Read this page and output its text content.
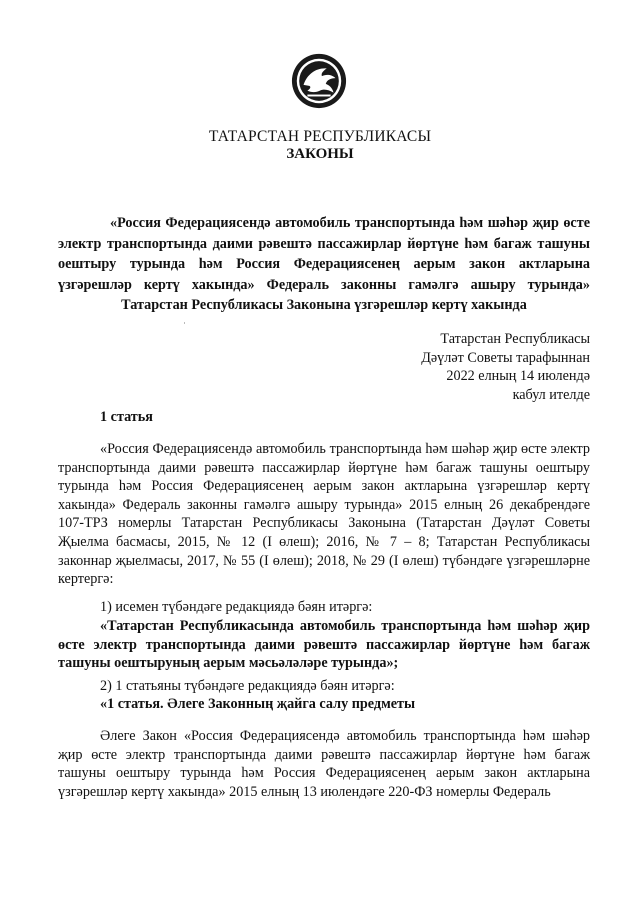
ТАТАРСТАН РЕСПУБЛИКАСЫ
ЗАКОНЫ
«Россия Федерациясендә автомобиль транспортында һәм шәһәр җир өсте электр транспортында даими рәвештә пассажирлар йөртүне һәм багаж ташуны оештыру турында һәм Россия Федерациясенең аерым закон актларына үзгәрешләр кертү хакында» Федераль законны гамәлгә ашыру турында» Татарстан Республикасы Законына үзгәрешләр кертү хакында
Татарстан Республикасы
Дәүләт Советы тарафыннан
2022 елның 14 июлендә
кабул ителде
1 статья
«Россия Федерациясендә автомобиль транспортында һәм шәһәр җир өсте электр транспортында даими рәвештә пассажирлар йөртүне һәм багаж ташуны оештыру турында һәм Россия Федерациясенең аерым закон актларына үзгәрешләр кертү хакында» Федераль законны гамәлгә ашыру турында» 2015 елның 26 декабрендәге 107-ТРЗ номерлы Татарстан Республикасы Законына (Татарстан Дәүләт Советы Җыелма басмасы, 2015, № 12 (I өлеш); 2016, № 7 – 8; Татарстан Республикасы законнар җыелмасы, 2017, № 55 (I өлеш); 2018, № 29 (I өлеш) түбәндәге үзгәрешләрне кертергә:
1) исемен түбәндәге редакциядә бәян итәргә:
«Татарстан Республикасында автомобиль транспортында һәм шәһәр җир өсте электр транспортында даими рәвештә пассажирлар йөртүне һәм багаж ташуны оештыруның аерым мәсьәләләре турында»;
2) 1 статьяны түбәндәге редакциядә бәян итәргә:
«1 статья. Әлеге Законның җайга салу предметы
Әлеге Закон «Россия Федерациясендә автомобиль транспортында һәм шәһәр җир өсте электр транспортында даими рәвештә пассажирлар йөртүне һәм багаж ташуны оештыру турында һәм Россия Федерациясенең аерым закон актларына үзгәрешләр кертү хакында» 2015 елның 13 июлендәге 220-ФЗ номерлы Федераль
